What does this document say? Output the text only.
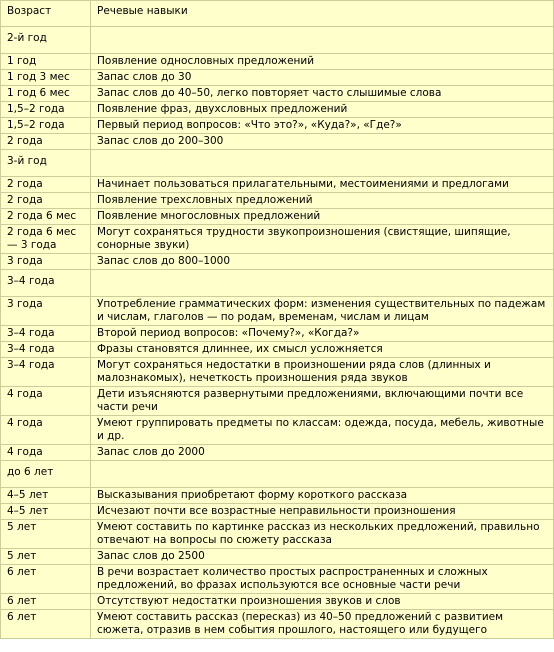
Возраст	Речевые навыки
2-й год	
1 год	Появление однословных предложений
1 год 3 мес	Запас слов до 30
1 год 6 мес	Запас слов до 40–50, легко повторяет часто слышимые слова
1,5–2 года	Появление фраз, двухсловных предложений
1,5–2 года	Первый период вопросов: «Что это?», «Куда?», «Где?»
2 года	Запас слов до 200–300
3-й год	
2 года	Начинает пользоваться прилагательными, местоимениями и предлогами
2 года	Появление трехсловных предложений
2 года 6 мес	Появление многословных предложений
2 года 6 мес — 3 года	Могут сохраняться трудности звукопроизношения (свистящие, шипящие, сонорные звуки)
3 года	Запас слов до 800–1000
3–4 года	
3 года	Употребление грамматических форм: изменения существительных по падежам и числам, глаголов — по родам, временам, числам и лицам
3–4 года	Второй период вопросов: «Почему?», «Когда?»
3–4 года	Фразы становятся длиннее, их смысл усложняется
3–4 года	Могут сохраняться недостатки в произношении ряда слов (длинных и малознакомых), нечеткость произношения ряда звуков
4 года	Дети изъясняются развернутыми предложениями, включающими почти все части речи
4 года	Умеют группировать предметы по классам: одежда, посуда, мебель, животные и др.
4 года	Запас слов до 2000
до 6 лет	
4–5 лет	Высказывания приобретают форму короткого рассказа
4–5 лет	Исчезают почти все возрастные неправильности произношения
5 лет	Умеют составить по картинке рассказ из нескольких предложений, правильно отвечают на вопросы по сюжету рассказа
5 лет	Запас слов до 2500
6 лет	В речи возрастает количество простых распространенных и сложных предложений, во фразах используются все основные части речи
6 лет	Отсутствуют недостатки произношения звуков и слов
6 лет	Умеют составить рассказ (пересказ) из 40–50 предложений с развитием сюжета, отразив в нем события прошлого, настоящего или будущего
